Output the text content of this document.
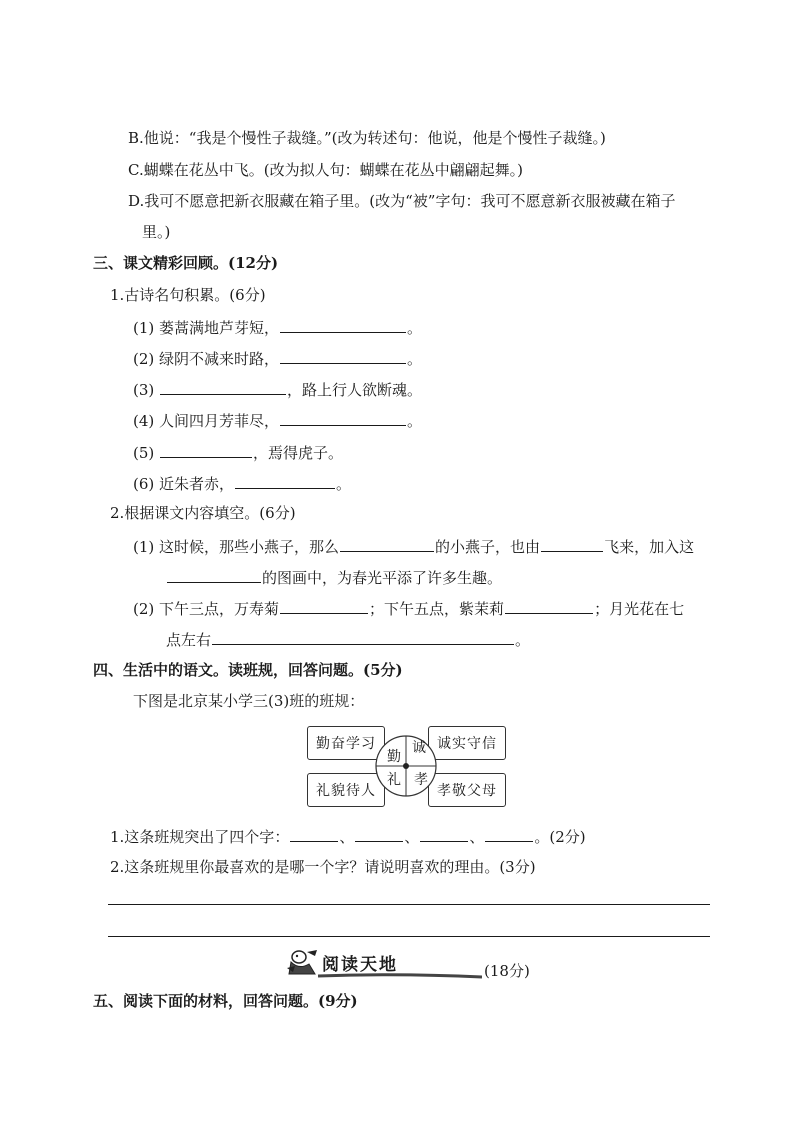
B.他说：“我是个慢性子裁缝。”(改为转述句：他说，他是个慢性子裁缝。)
C.蝴蝶在花丛中飞。(改为拟人句：蝴蝶在花丛中翩翩起舞。)
D.我可不愿意把新衣服藏在箱子里。(改为“被”字句：我可不愿意新衣服被藏在箱子
里。)
三、课文精彩回顾。(12分)
1.古诗名句积累。(6分)
(1) 蒌蒿满地芦芽短，	。
(2) 绿阴不减来时路，	。
(3)	，路上行人欲断魂。
(4) 人间四月芳菲尽，	。
(5)	，焉得虎子。
(6) 近朱者赤，	。
2.根据课文内容填空。(6分)
(1) 这时候，那些小燕子，那么	的小燕子，也由	飞来，加入这
的图画中，为春光平添了许多生趣。
(2) 下午三点，万寿菊	；下午五点，紫茉莉	；月光花在七
点左右	。
四、生活中的语文。读班规，回答问题。(5分)
下图是北京某小学三(3)班的班规：
勤奋学习	诚实守信
礼貌待人	孝敬父母
勤
诚
礼 孝
1.这条班规突出了四个字：	、	、	、	。(2分)
2.这条班规里你最喜欢的是哪一个字？请说明喜欢的理由。(3分)
阅读天地	(18分)
五、阅读下面的材料，回答问题。(9分)
